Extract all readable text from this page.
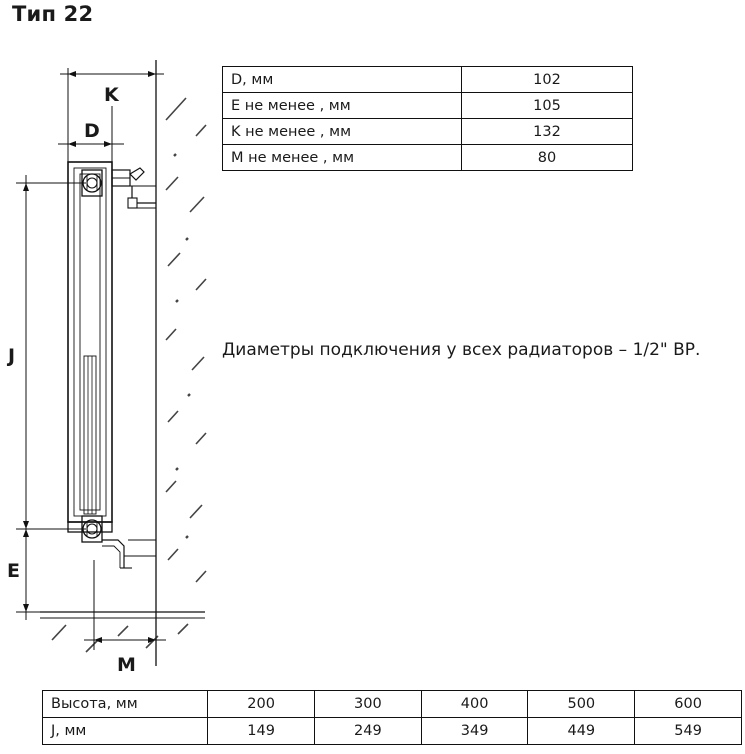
Тип 22
K
D
J
E
M
D, мм	102
E не менее , мм	105
K не менее , мм	132
M не менее , мм	80
Диаметры подключения у всех радиаторов – 1/2" ВР.
Высота, мм	200	300	400	500	600
J, мм	149	249	349	449	549
